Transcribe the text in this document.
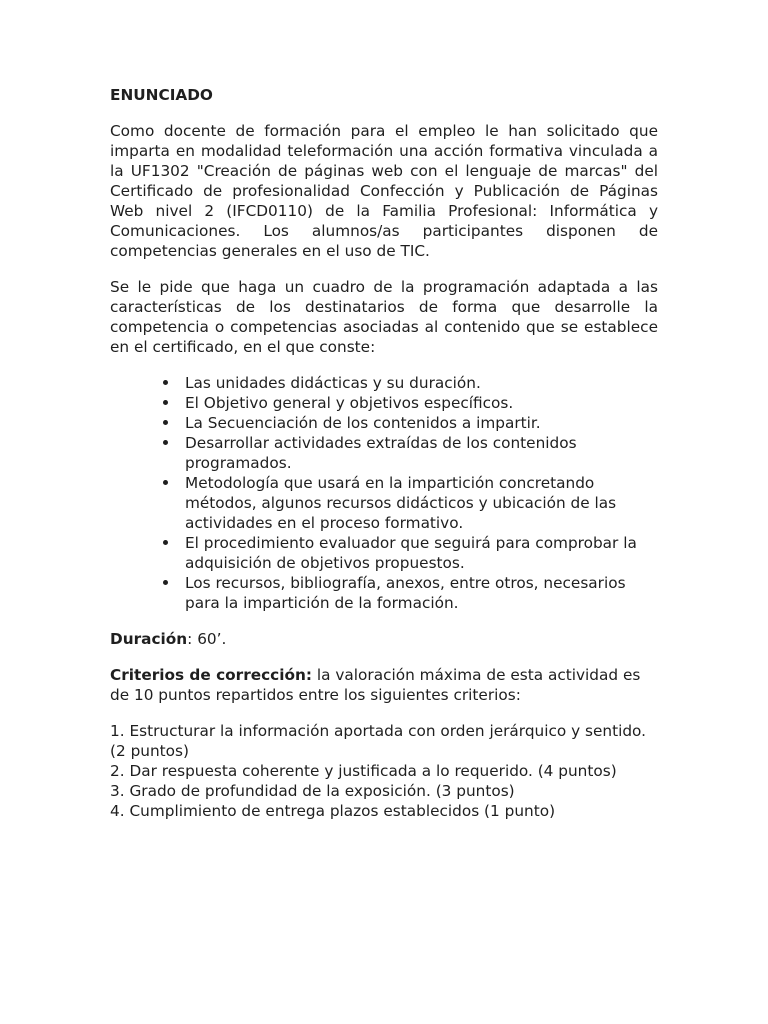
ENUNCIADO
Como docente de formación para el empleo le han solicitado que imparta en modalidad teleformación una acción formativa vinculada a la UF1302 "Creación de páginas web con el lenguaje de marcas" del Certificado de profesionalidad Confección y Publicación de Páginas Web nivel 2 (IFCD0110) de la Familia Profesional: Informática y Comunicaciones. Los alumnos/as participantes disponen de competencias generales en el uso de TIC.
Se le pide que haga un cuadro de la programación adaptada a las características de los destinatarios de forma que desarrolle la competencia o competencias asociadas al contenido que se establece en el certificado, en el que conste:
Las unidades didácticas y su duración.
El Objetivo general y objetivos específicos.
La Secuenciación de los contenidos a impartir.
Desarrollar actividades extraídas de los contenidos programados.
Metodología que usará en la impartición concretando métodos, algunos recursos didácticos y ubicación de las actividades en el proceso formativo.
El procedimiento evaluador que seguirá para comprobar la adquisición de objetivos propuestos.
Los recursos, bibliografía, anexos, entre otros, necesarios para la impartición de la formación.
Duración: 60’.
Criterios de corrección: la valoración máxima de esta actividad es de 10 puntos repartidos entre los siguientes criterios:
1. Estructurar la información aportada con orden jerárquico y sentido. (2 puntos)
2. Dar respuesta coherente y justificada a lo requerido. (4 puntos)
3. Grado de profundidad de la exposición. (3 puntos)
4. Cumplimiento de entrega plazos establecidos (1 punto)
